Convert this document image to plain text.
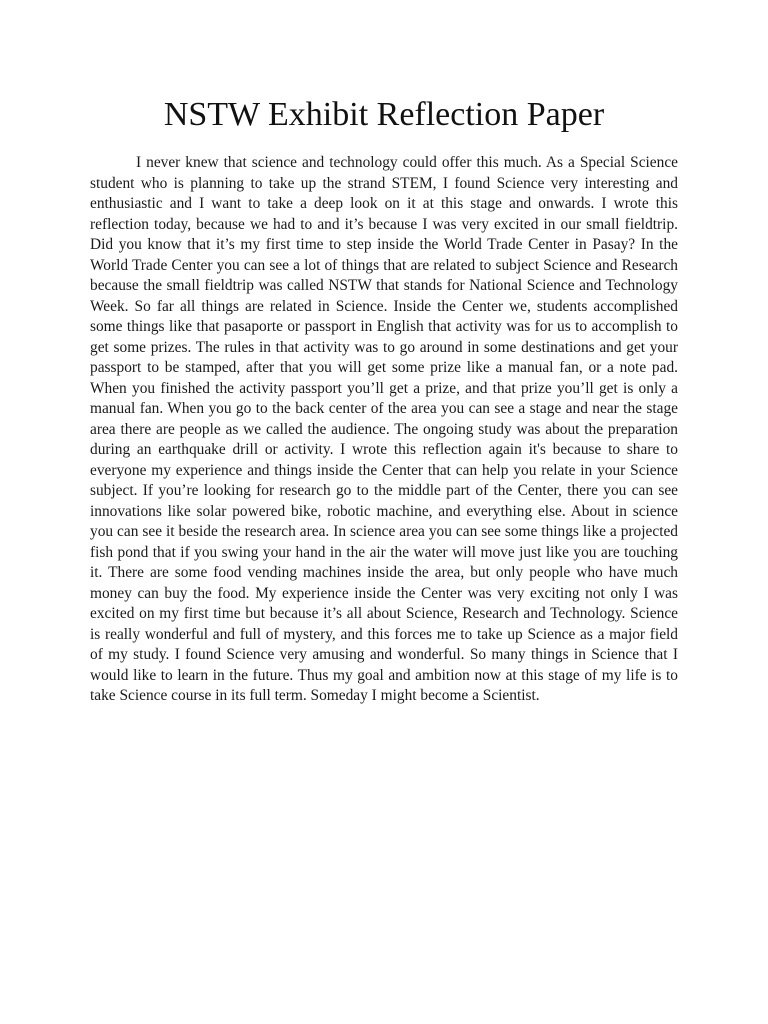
NSTW Exhibit Reflection Paper

I never knew that science and technology could offer this much. As a Special Science student who is planning to take up the strand STEM, I found Science very interesting and enthusiastic and I want to take a deep look on it at this stage and onwards. I wrote this reflection today, because we had to and it’s because I was very excited in our small fieldtrip. Did you know that it’s my first time to step inside the World Trade Center in Pasay? In the World Trade Center you can see a lot of things that are related to subject Science and Research because the small fieldtrip was called NSTW that stands for National Science and Technology Week. So far all things are related in Science. Inside the Center we, students accomplished some things like that pasaporte or passport in English that activity was for us to accomplish to get some prizes. The rules in that activity was to go around in some destinations and get your passport to be stamped, after that you will get some prize like a manual fan, or a note pad. When you finished the activity passport you’ll get a prize, and that prize you’ll get is only a manual fan. When you go to the back center of the area you can see a stage and near the stage area there are people as we called the audience. The ongoing study was about the preparation during an earthquake drill or activity. I wrote this reflection again it's because to share to everyone my experience and things inside the Center that can help you relate in your Science subject. If you’re looking for research go to the middle part of the Center, there you can see innovations like solar powered bike, robotic machine, and everything else. About in science you can see it beside the research area. In science area you can see some things like a projected fish pond that if you swing your hand in the air the water will move just like you are touching it. There are some food vending machines inside the area, but only people who have much money can buy the food. My experience inside the Center was very exciting not only I was excited on my first time but because it’s all about Science, Research and Technology. Science is really wonderful and full of mystery, and this forces me to take up Science as a major field of my study. I found Science very amusing and wonderful. So many things in Science that I would like to learn in the future. Thus my goal and ambition now at this stage of my life is to take Science course in its full term. Someday I might become a Scientist.
